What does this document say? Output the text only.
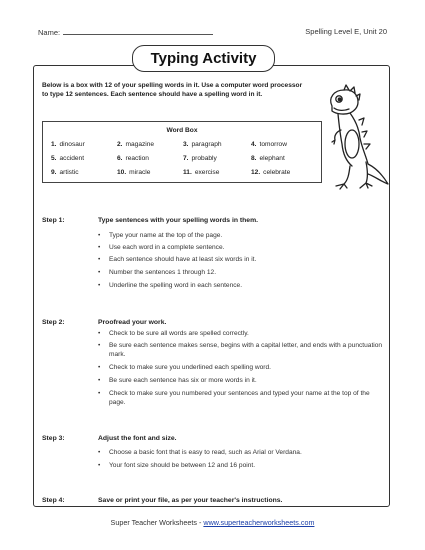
Name:	Spelling Level E, Unit 20
Typing Activity
Below is a box with 12 of your spelling words in it. Use a computer word processor to type 12 sentences. Each sentence should have a spelling word in it.
Word Box
1. dinosaur	2. magazine	3. paragraph	4. tomorrow
5. accident	6. reaction	7. probably	8. elephant
9. artistic	10. miracle	11. exercise	12. celebrate
Step 1:	Type sentences with your spelling words in them.
•	Type your name at the top of the page.
•	Use each word in a complete sentence.
•	Each sentence should have at least six words in it.
•	Number the sentences 1 through 12.
•	Underline the spelling word in each sentence.
Step 2:	Proofread your work.
•	Check to be sure all words are spelled correctly.
•	Be sure each sentence makes sense, begins with a capital letter, and ends with a punctuation mark.
•	Check to make sure you underlined each spelling word.
•	Be sure each sentence has six or more words in it.
•	Check to make sure you numbered your sentences and typed your name at the top of the page.
Step 3:	Adjust the font and size.
•	Choose a basic font that is easy to read, such as Arial or Verdana.
•	Your font size should be between 12 and 16 point.
Step 4:	Save or print your file, as per your teacher's instructions.
Super Teacher Worksheets - www.superteacherworksheets.com
